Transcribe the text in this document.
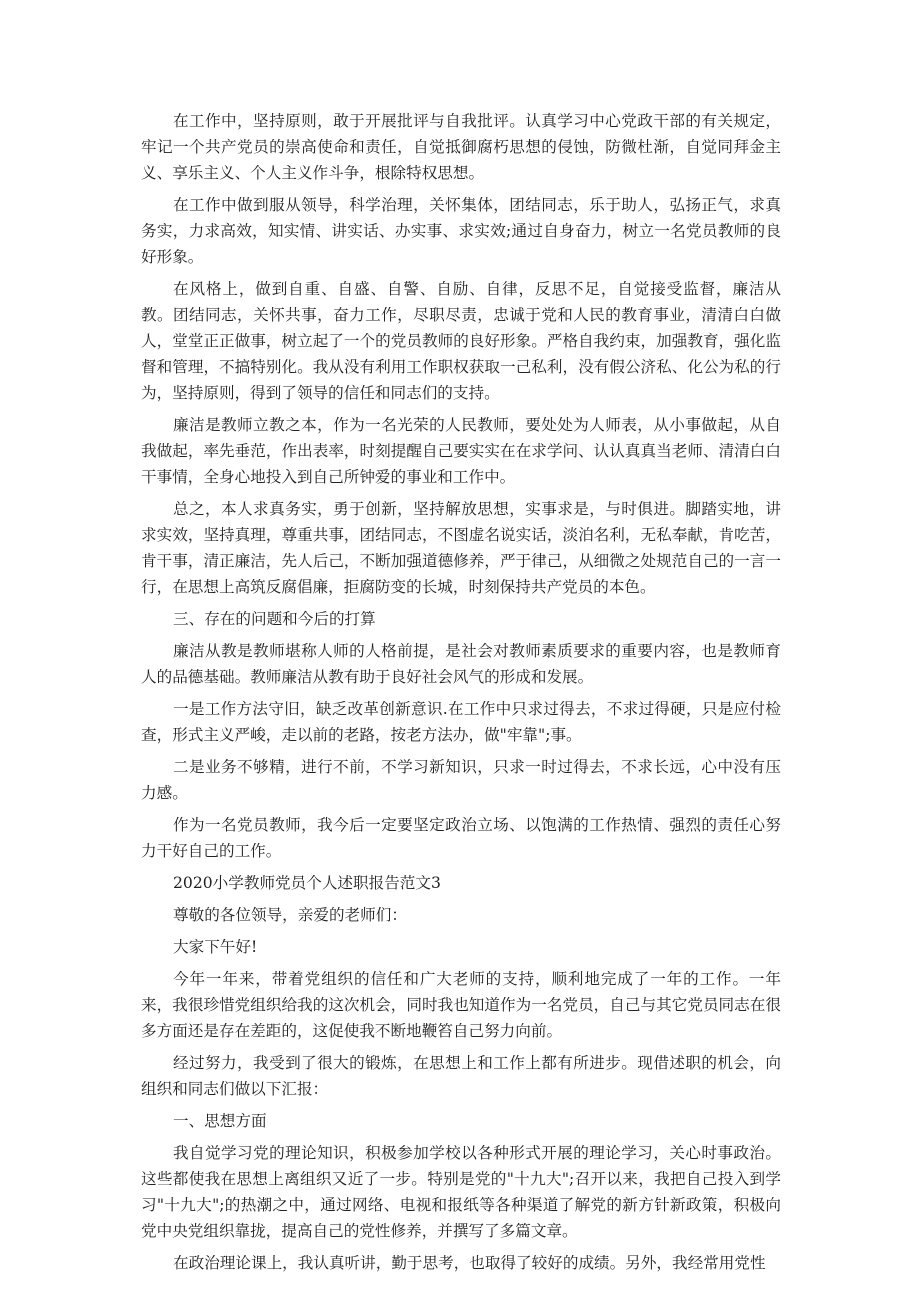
在工作中，坚持原则，敢于开展批评与自我批评。认真学习中心党政干部的有关规定，牢记一个共产党员的崇高使命和责任，自觉抵御腐朽思想的侵蚀，防微杜渐，自觉同拜金主义、享乐主义、个人主义作斗争，根除特权思想。

在工作中做到服从领导，科学治理，关怀集体，团结同志，乐于助人，弘扬正气，求真务实，力求高效，知实情、讲实话、办实事、求实效;通过自身奋力，树立一名党员教师的良好形象。

在风格上，做到自重、自盛、自警、自励、自律，反思不足，自觉接受监督，廉洁从教。团结同志，关怀共事，奋力工作，尽职尽责，忠诚于党和人民的教育事业，清清白白做人，堂堂正正做事，树立起了一个的党员教师的良好形象。严格自我约束，加强教育，强化监督和管理，不搞特别化。我从没有利用工作职权获取一己私利，没有假公济私、化公为私的行为，坚持原则，得到了领导的信任和同志们的支持。

廉洁是教师立教之本，作为一名光荣的人民教师，要处处为人师表，从小事做起，从自我做起，率先垂范，作出表率，时刻提醒自己要实实在在求学问、认认真真当老师、清清白白干事情，全身心地投入到自己所钟爱的事业和工作中。

总之，本人求真务实，勇于创新，坚持解放思想，实事求是，与时俱进。脚踏实地，讲求实效，坚持真理，尊重共事，团结同志，不图虚名说实话，淡泊名利，无私奉献，肯吃苦，肯干事，清正廉洁，先人后己，不断加强道德修养，严于律己，从细微之处规范自己的一言一行，在思想上高筑反腐倡廉，拒腐防变的长城，时刻保持共产党员的本色。

三、存在的问题和今后的打算

廉洁从教是教师堪称人师的人格前提，是社会对教师素质要求的重要内容，也是教师育人的品德基础。教师廉洁从教有助于良好社会风气的形成和发展。

一是工作方法守旧，缺乏改革创新意识.在工作中只求过得去，不求过得硬，只是应付检查，形式主义严峻，走以前的老路，按老方法办，做"牢靠";事。

二是业务不够精，进行不前，不学习新知识，只求一时过得去，不求长远，心中没有压力感。

作为一名党员教师，我今后一定要坚定政治立场、以饱满的工作热情、强烈的责任心努力干好自己的工作。

2020小学教师党员个人述职报告范文3

尊敬的各位领导，亲爱的老师们：

大家下午好!

今年一年来，带着党组织的信任和广大老师的支持，顺利地完成了一年的工作。一年来，我很珍惜党组织给我的这次机会，同时我也知道作为一名党员，自己与其它党员同志在很多方面还是存在差距的，这促使我不断地鞭笞自己努力向前。

经过努力，我受到了很大的锻炼，在思想上和工作上都有所进步。现借述职的机会，向组织和同志们做以下汇报：

一、思想方面

我自觉学习党的理论知识，积极参加学校以各种形式开展的理论学习，关心时事政治。这些都使我在思想上离组织又近了一步。特别是党的"十九大";召开以来，我把自己投入到学习"十九大";的热潮之中，通过网络、电视和报纸等各种渠道了解党的新方针新政策，积极向党中央党组织靠拢，提高自己的党性修养，并撰写了多篇文章。

在政治理论课上，我认真听讲，勤于思考，也取得了较好的成绩。另外，我经常用党性
